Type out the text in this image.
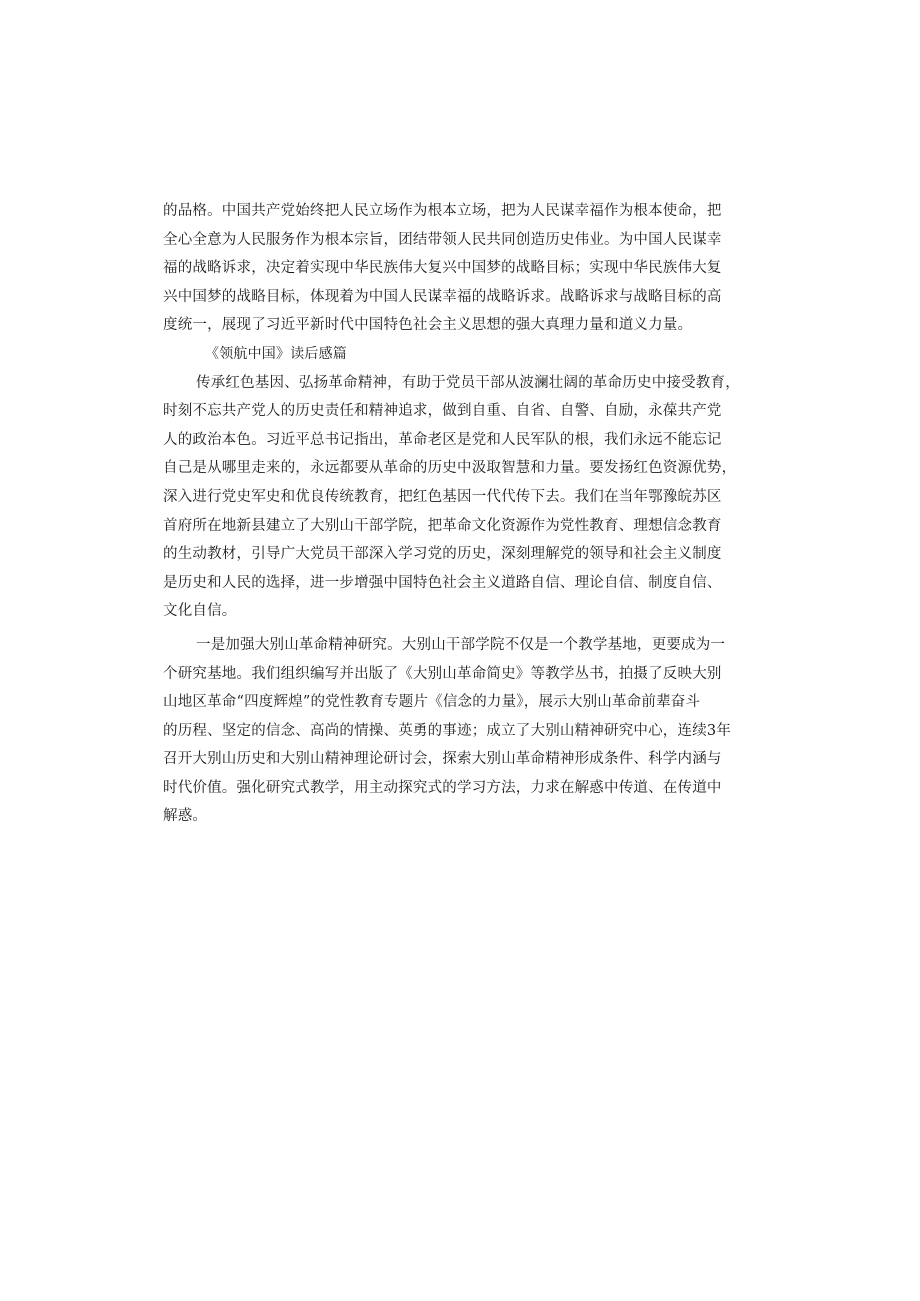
的品格。中国共产党始终把人民立场作为根本立场，把为人民谋幸福作为根本使命，把
全心全意为人民服务作为根本宗旨，团结带领人民共同创造历史伟业。为中国人民谋幸
福的战略诉求，决定着实现中华民族伟大复兴中国梦的战略目标；实现中华民族伟大复
兴中国梦的战略目标，体现着为中国人民谋幸福的战略诉求。战略诉求与战略目标的高
度统一，展现了习近平新时代中国特色社会主义思想的强大真理力量和道义力量。
《领航中国》读后感篇
传承红色基因、弘扬革命精神，有助于党员干部从波澜壮阔的革命历史中接受教育，
时刻不忘共产党人的历史责任和精神追求，做到自重、自省、自警、自励，永葆共产党
人的政治本色。习近平总书记指出，革命老区是党和人民军队的根，我们永远不能忘记
自己是从哪里走来的，永远都要从革命的历史中汲取智慧和力量。要发扬红色资源优势，
深入进行党史军史和优良传统教育，把红色基因一代代传下去。我们在当年鄂豫皖苏区
首府所在地新县建立了大别山干部学院，把革命文化资源作为党性教育、理想信念教育
的生动教材，引导广大党员干部深入学习党的历史，深刻理解党的领导和社会主义制度
是历史和人民的选择，进一步增强中国特色社会主义道路自信、理论自信、制度自信、
文化自信。
一是加强大别山革命精神研究。大别山干部学院不仅是一个教学基地，更要成为一
个研究基地。我们组织编写并出版了《大别山革命简史》等教学丛书，拍摄了反映大别
山地区革命“四度辉煌”的党性教育专题片《信念的力量》，展示大别山革命前辈奋斗
的历程、坚定的信念、高尚的情操、英勇的事迹；成立了大别山精神研究中心，连续3年
召开大别山历史和大别山精神理论研讨会，探索大别山革命精神形成条件、科学内涵与
时代价值。强化研究式教学，用主动探究式的学习方法，力求在解惑中传道、在传道中
解惑。
